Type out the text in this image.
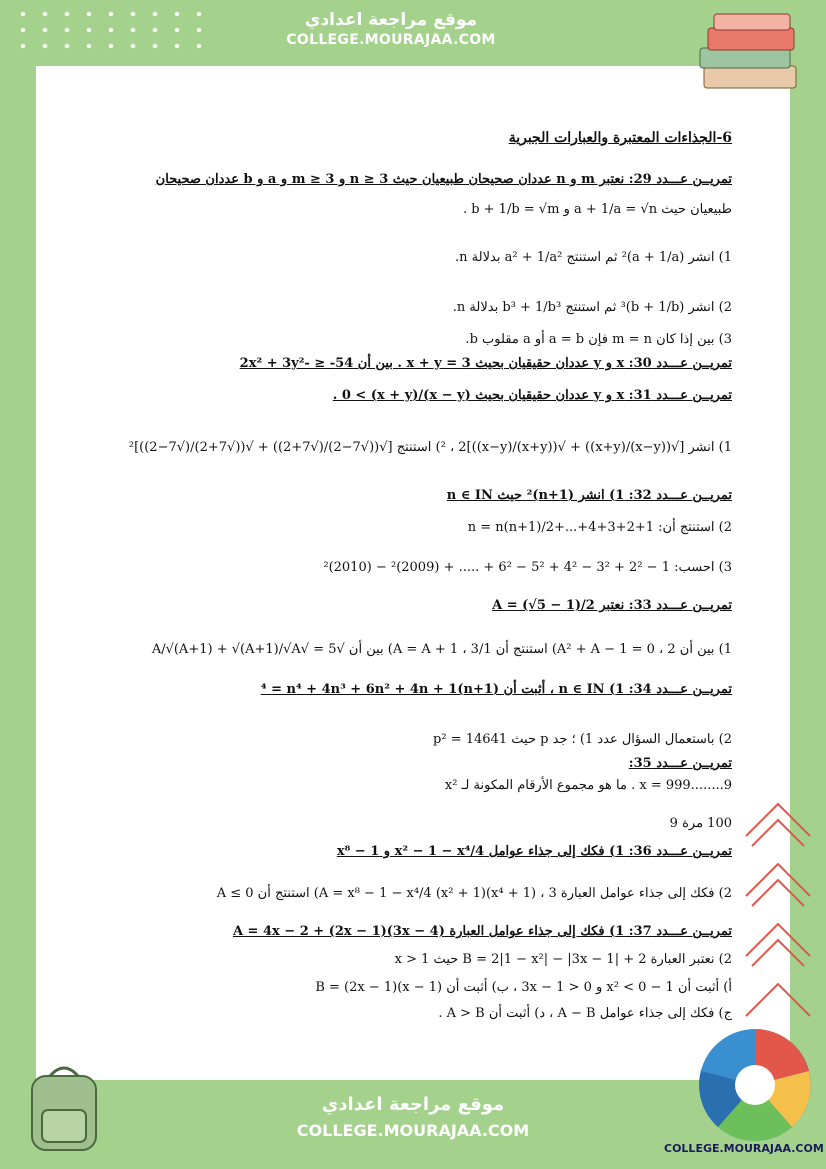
موقع مراجعة اعدادي
COLLEGE.MOURAJAA.COM
موقع مراجعة اعدادي
COLLEGE.MOURAJAA.COM
COLLEGE.MOURAJAA.COM
6-الجذاءات المعتبرة والعبارات الجبرية
تمريــن عـــدد 29: نعتبر m و n عددان صحيحان طبيعيان حيث n ≥ 3 و m ≥ 3 و a و b عددان صحيحان
طبيعيان حيث a + 1/a = √n و b + 1/b = √m .
1) انشر (a + 1/a)² ثم استنتج a² + 1/a² بدلالة n.
2) انشر (b + 1/b)³ ثم استنتج b³ + 1/b³ بدلالة n.
3) بين إذا كان m = n فإن a = b أو a مقلوب b.
تمريــن عـــدد 30: x و y عددان حقيقيان بحيث x + y = 3 . بين أن 54- ≤ -2x² + 3y²
تمريــن عـــدد 31: x و y عددان حقيقيان بحيث (x − y)/(x + y) > 0 .
1) انشر [√((x−y)/(x+y)) + √((x+y)/(x−y))]² ، 2) استنتج [√((√7−2)/(√7+2)) + √((√7+2)/(√7−2))]²
تمريــن عـــدد 32: 1) انشر (n+1)² حيث n ∈ IN
2) استنتج أن: 1+2+3+4+...+n = n(n+1)/2
3) احسب: 1 − 2² + 3² − 4² + 5² − 6² + ..... + (2009)² − (2010)²
تمريــن عـــدد 33: نعتبر A = (√5 − 1)/2
1) بين أن A² + A − 1 = 0 ، 2) استنتج أن 1/A = A + 1 ، 3) بين أن √5 = √A/√(A+1) + √(A+1)/√A
تمريــن عـــدد 34: 1) n ∈ IN ، أثبت أن (1+n)⁴ = n⁴ + 4n³ + 6n² + 4n + 1
2) باستعمال السؤال عدد 1) ؛ جد p حيث 14641 = p²
تمريــن عـــدد 35:
x = 999........9 . ما هو مجموع الأرقام المكونة لـ x²
100 مرة 9
تمريــن عـــدد 36: 1) فكك إلى جذاء عوامل x² − 1 − x⁴/4 و x⁸ − 1
2) فكك إلى جذاء عوامل العبارة A = x⁸ − 1 − x⁴/4 (x² + 1)(x⁴ + 1) ، 3) استنتج أن A ≤ 0
تمريــن عـــدد 37: 1) فكك إلى جذاء عوامل العبارة A = 4x − 2 + (2x − 1)(3x − 4)
2) نعتبر العبارة B = 2|1 − x²| − |3x − 1| + 2 حيث x > 1
أ) أثبت أن 1 − x² < 0 و 3x − 1 > 0 ، ب) أثبت أن B = (2x − 1)(x − 1)
ج) فكك إلى جذاء عوامل A − B ، د) أثبت أن A > B .
